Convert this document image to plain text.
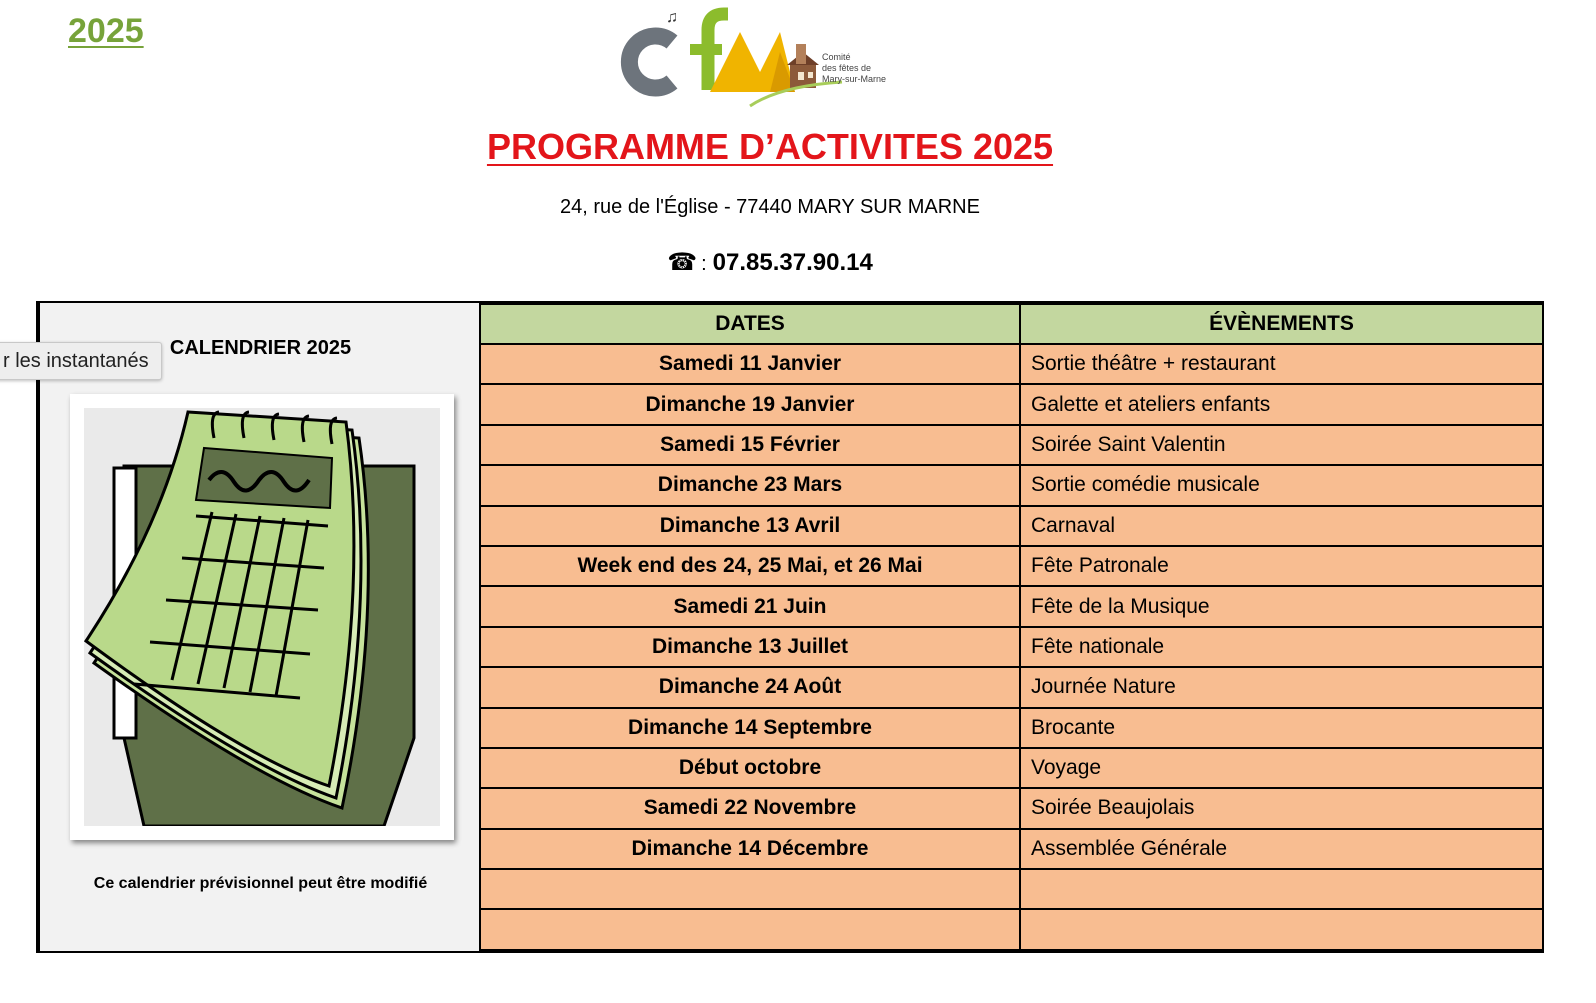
2025	♫
Comité
des fêtes de
Mary-sur-Marne
PROGRAMME D’ACTIVITES 2025
24, rue de l'Église - 77440 MARY SUR MARNE
☎ : 07.85.37.90.14
CALENDRIER 2025
Ce calendrier prévisionnel peut être modifié
DATES	ÉVÈNEMENTS
Samedi 11 Janvier	Sortie théâtre + restaurant
Dimanche 19 Janvier	Galette et ateliers enfants
Samedi 15 Février	Soirée Saint Valentin
Dimanche 23 Mars	Sortie comédie musicale
Dimanche 13 Avril	Carnaval
Week end des 24, 25 Mai, et 26 Mai	Fête Patronale
Samedi 21 Juin	Fête de la Musique
Dimanche 13 Juillet	Fête nationale
Dimanche 24 Août	Journée Nature
Dimanche 14 Septembre	Brocante
Début octobre	Voyage
Samedi 22 Novembre	Soirée Beaujolais
Dimanche 14 Décembre	Assemblée Générale

r les instantanés
